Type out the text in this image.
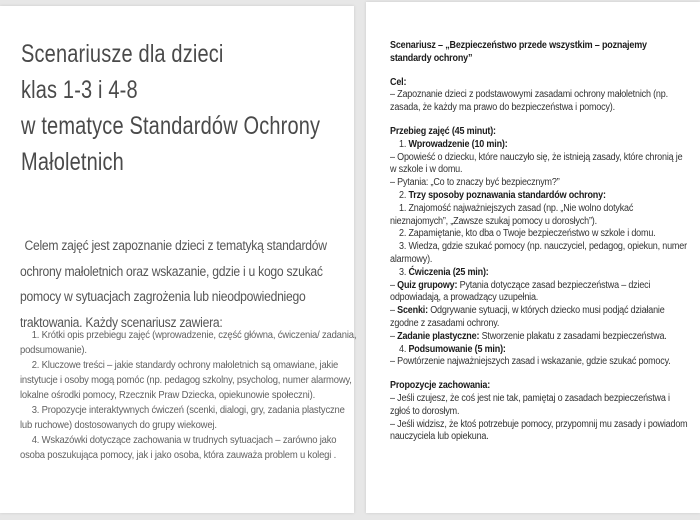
Scenariusze dla dzieci
klas 1-3 i 4-8
w tematyce Standardów Ochrony
Małoletnich
Celem zajęć jest zapoznanie dzieci z tematyką standardów ochrony małoletnich oraz wskazanie, gdzie i u kogo szukać pomocy w sytuacjach zagrożenia lub nieodpowiedniego traktowania. Każdy scenariusz zawiera:
1. Krótki opis przebiegu zajęć (wprowadzenie, część główna, ćwiczenia/ zadania, podsumowanie).
2. Kluczowe treści – jakie standardy ochrony małoletnich są omawiane, jakie instytucje i osoby mogą pomóc (np. pedagog szkolny, psycholog, numer alarmowy, lokalne ośrodki pomocy, Rzecznik Praw Dziecka, opiekunowie społeczni).
3. Propozycje interaktywnych ćwiczeń (scenki, dialogi, gry, zadania plastyczne lub ruchowe) dostosowanych do grupy wiekowej.
4. Wskazówki dotyczące zachowania w trudnych sytuacjach – zarówno jako osoba poszukująca pomocy, jak i jako osoba, która zauważa problem u kolegi .
Scenariusz – „Bezpieczeństwo przede wszystkim – poznajemy standardy ochrony”
Cel:
– Zapoznanie dzieci z podstawowymi zasadami ochrony małoletnich (np. zasada, że każdy ma prawo do bezpieczeństwa i pomocy).
Przebieg zajęć (45 minut):
1. Wprowadzenie (10 min):
– Opowieść o dziecku, które nauczyło się, że istnieją zasady, które chronią je w szkole i w domu.
– Pytania: „Co to znaczy być bezpiecznym?”
2. Trzy sposoby poznawania standardów ochrony:
1. Znajomość najważniejszych zasad (np. „Nie wolno dotykać nieznajomych”, „Zawsze szukaj pomocy u dorosłych”).
2. Zapamiętanie, kto dba o Twoje bezpieczeństwo w szkole i domu.
3. Wiedza, gdzie szukać pomocy (np. nauczyciel, pedagog, opiekun, numer alarmowy).
3. Ćwiczenia (25 min):
– Quiz grupowy: Pytania dotyczące zasad bezpieczeństwa – dzieci odpowiadają, a prowadzący uzupełnia.
– Scenki: Odgrywanie sytuacji, w których dziecko musi podjąć działanie zgodne z zasadami ochrony.
– Zadanie plastyczne: Stworzenie plakatu z zasadami bezpieczeństwa.
4. Podsumowanie (5 min):
– Powtórzenie najważniejszych zasad i wskazanie, gdzie szukać pomocy.
Propozycje zachowania:
– Jeśli czujesz, że coś jest nie tak, pamiętaj o zasadach bezpieczeństwa i zgłoś to dorosłym.
– Jeśli widzisz, że ktoś potrzebuje pomocy, przypomnij mu zasady i powiadom nauczyciela lub opiekuna.
